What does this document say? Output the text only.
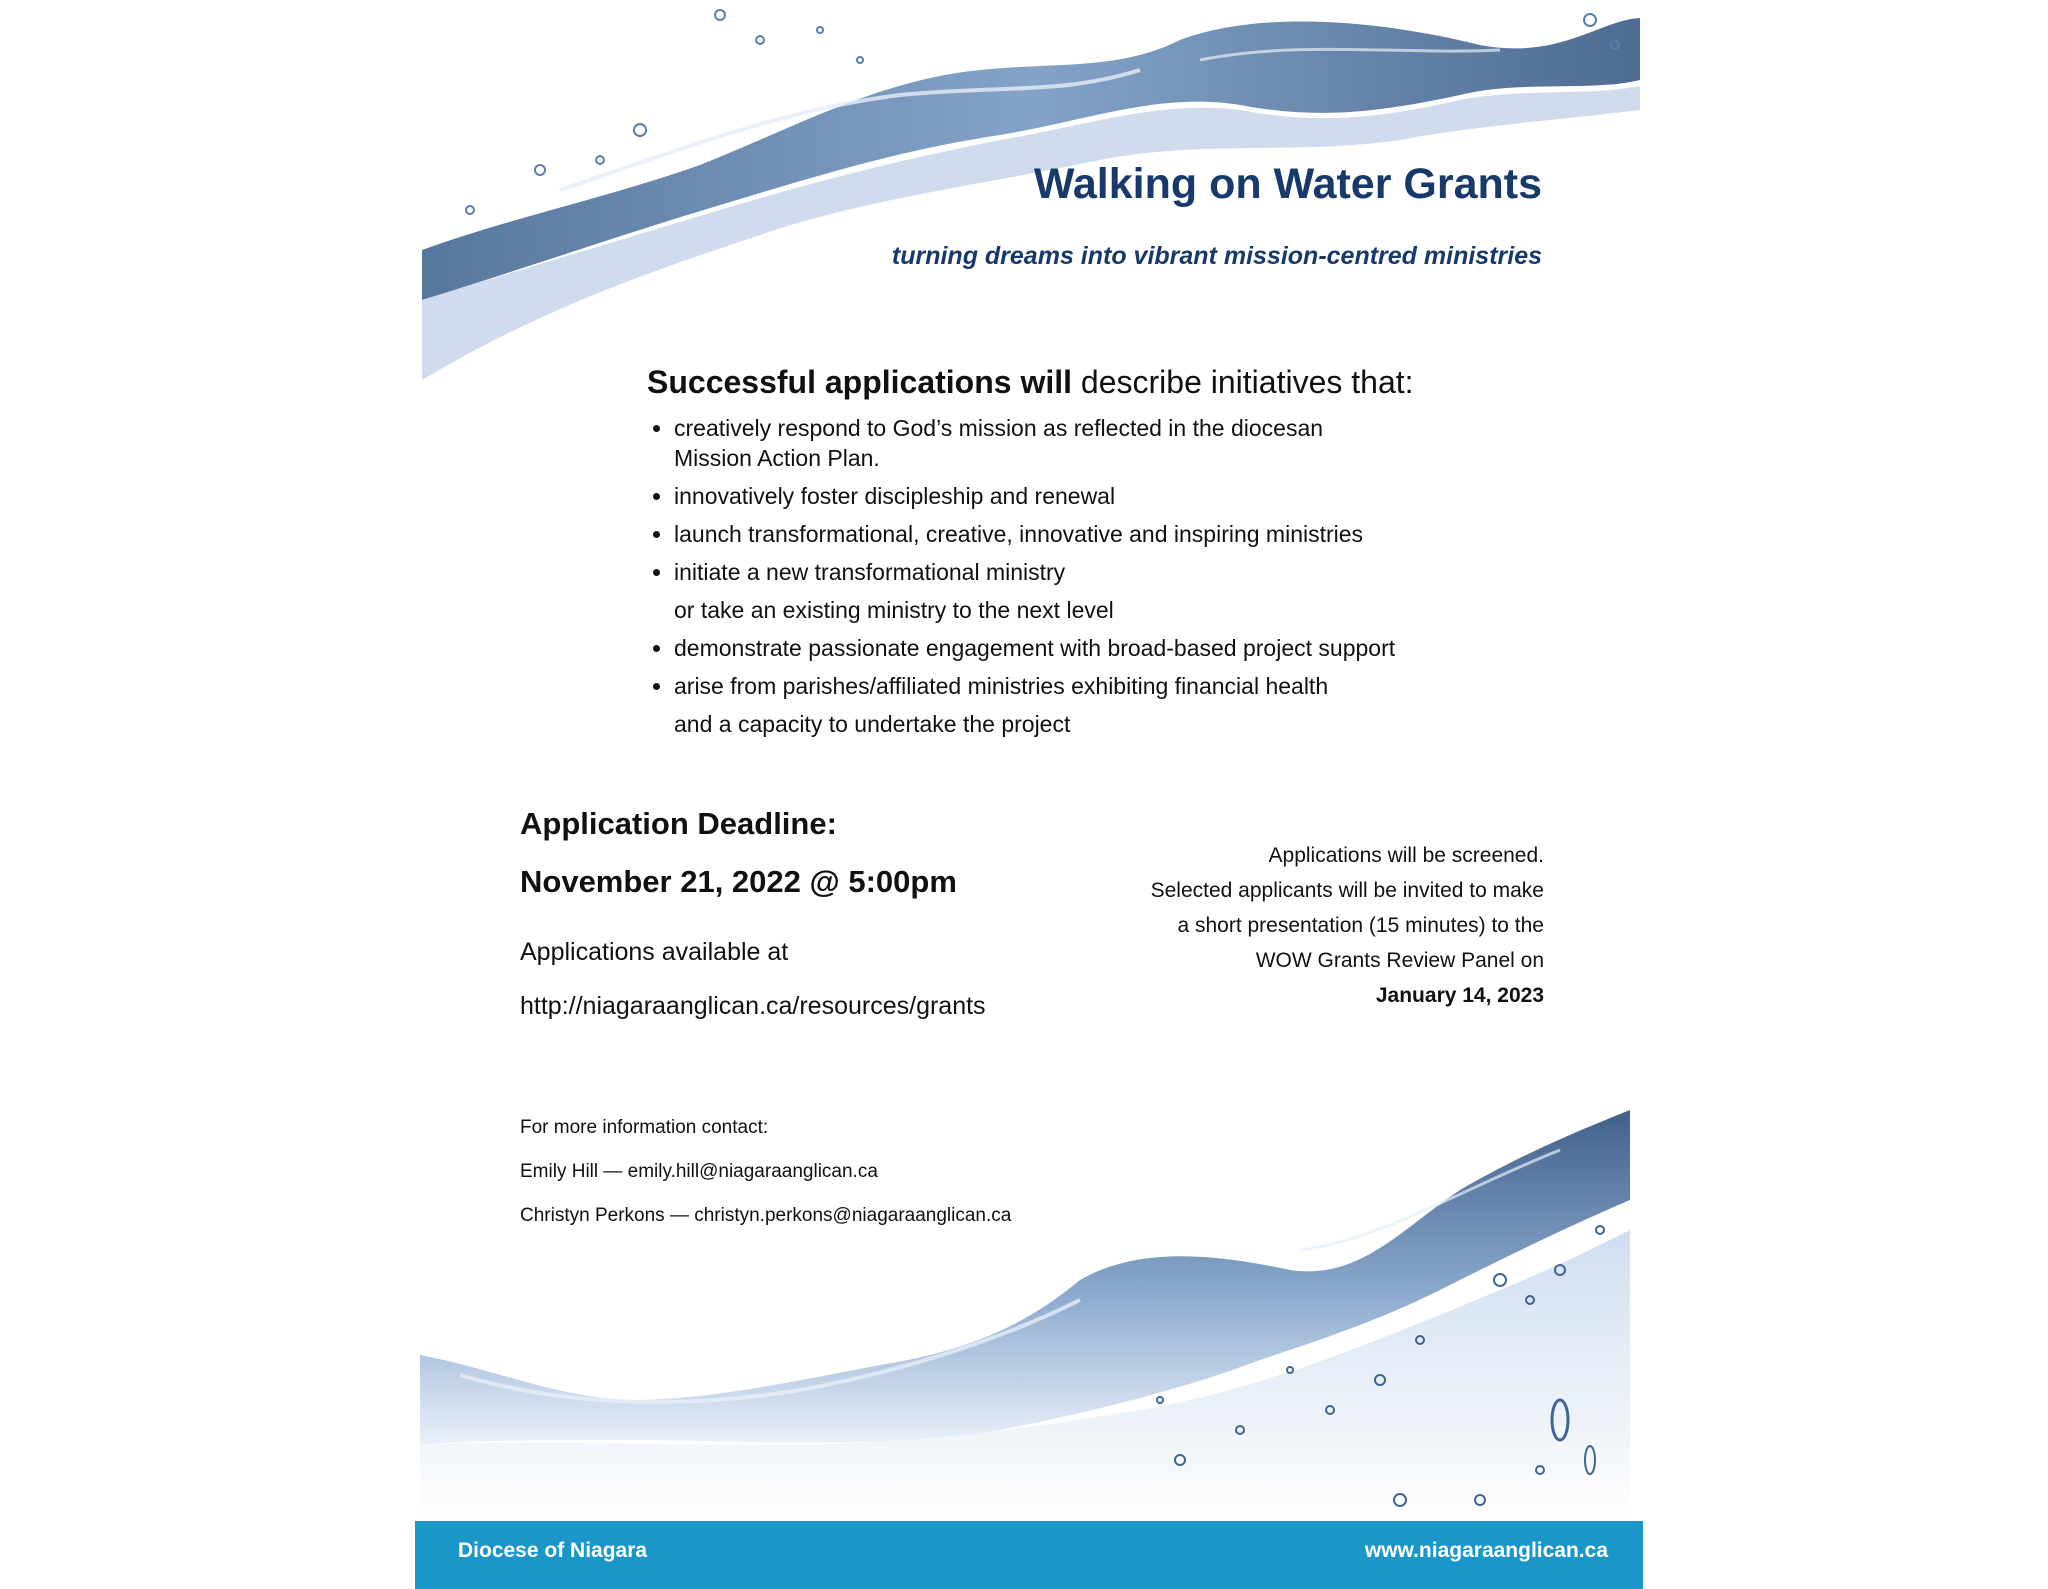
Walking on Water Grants
turning dreams into vibrant mission-centred ministries
Successful applications will describe initiatives that:
• creatively respond to God’s mission as reflected in the diocesan
Mission Action Plan.
• innovatively foster discipleship and renewal
• launch transformational, creative, innovative and inspiring ministries
• initiate a new transformational ministry
or take an existing ministry to the next level
• demonstrate passionate engagement with broad-based project support
• arise from parishes/affiliated ministries exhibiting financial health
and a capacity to undertake the project
Application Deadline:
November 21, 2022 @ 5:00pm
Applications available at
http://niagaraanglican.ca/resources/grants
Applications will be screened.
Selected applicants will be invited to make
a short presentation (15 minutes) to the
WOW Grants Review Panel on
January 14, 2023
For more information contact:
Emily Hill — emily.hill@niagaraanglican.ca
Christyn Perkons — christyn.perkons@niagaraanglican.ca
Diocese of Niagara	www.niagaraanglican.ca
